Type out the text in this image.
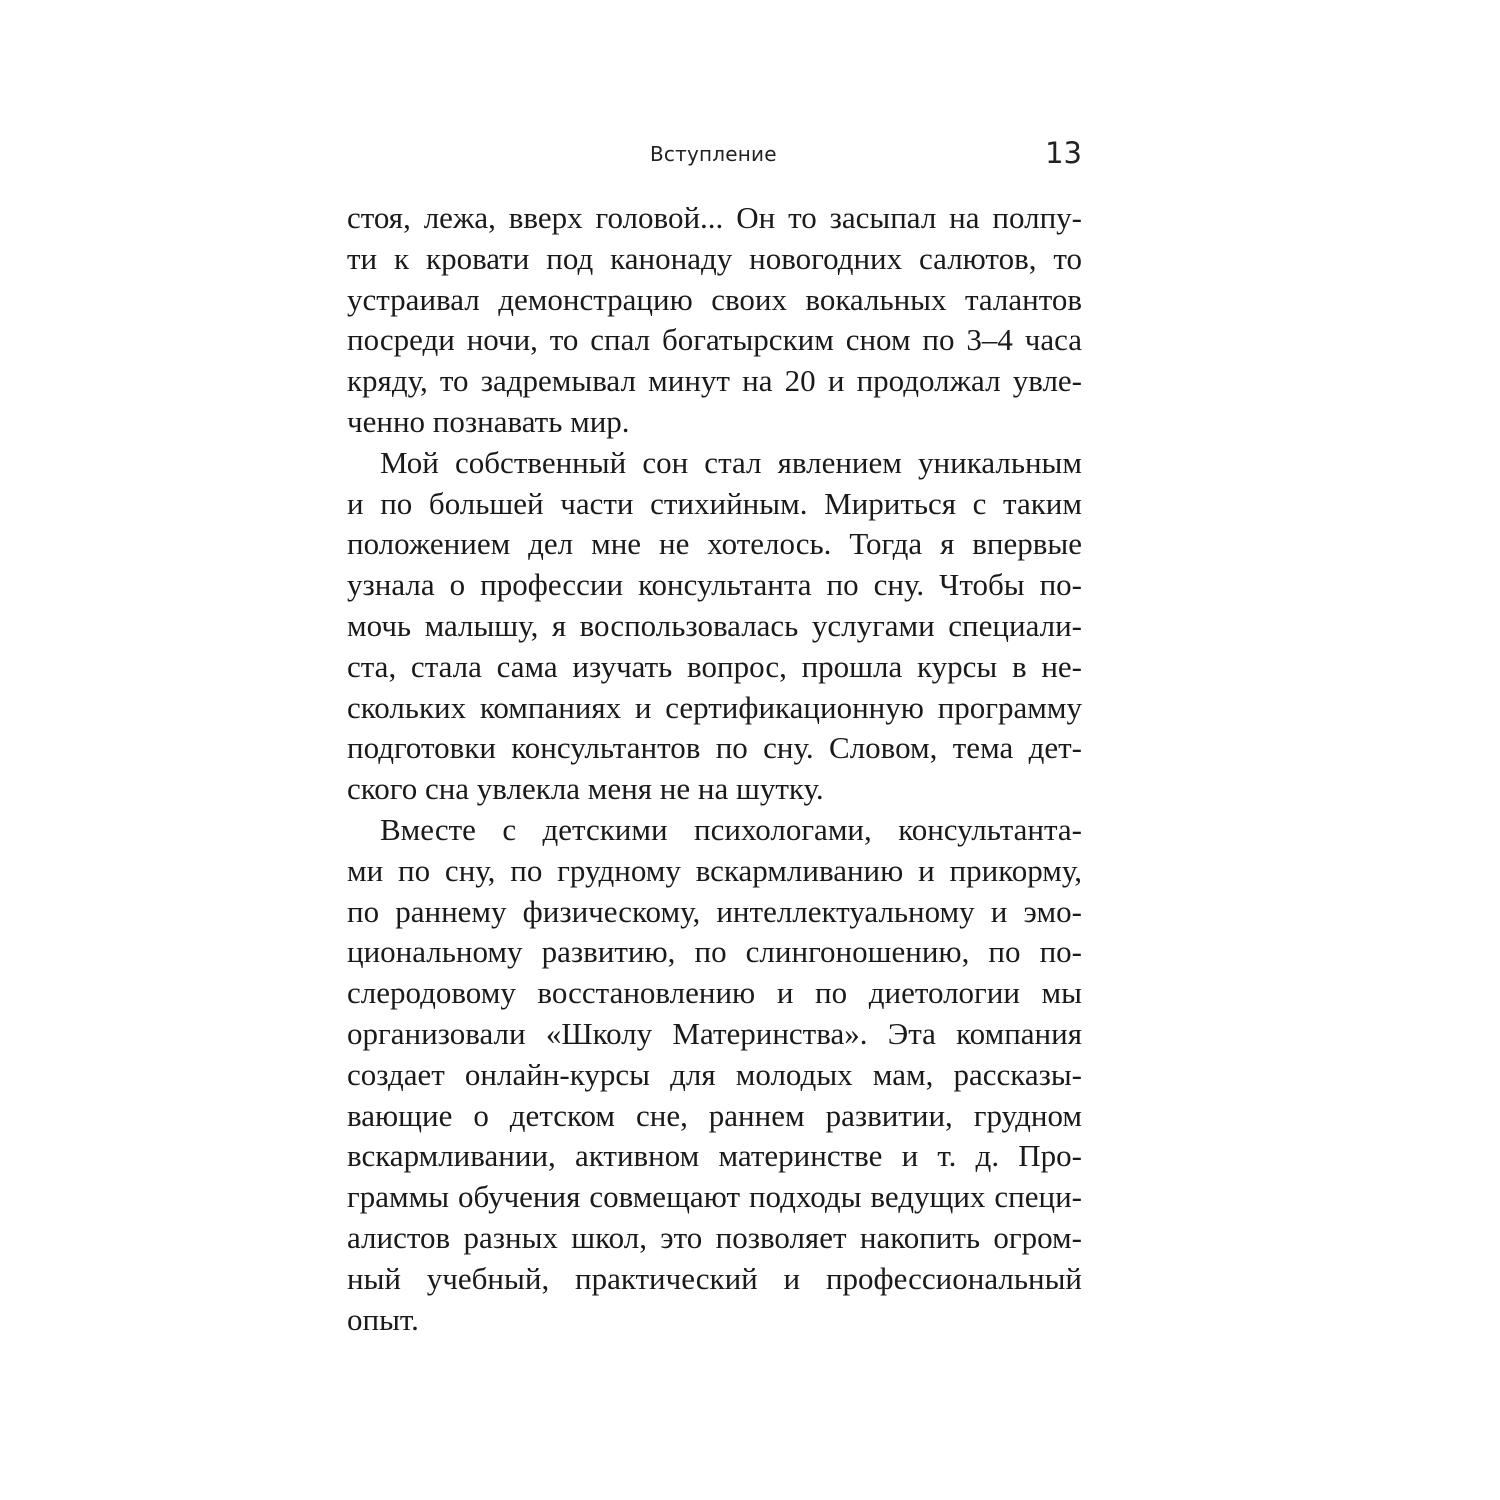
Вступление	13
стоя, лежа, вверх головой... Он то засыпал на полпу-
ти к кровати под канонаду новогодних салютов, то
устраивал демонстрацию своих вокальных талантов
посреди ночи, то спал богатырским сном по 3–4 часа
кряду, то задремывал минут на 20 и продолжал увле-
ченно познавать мир.
Мой собственный сон стал явлением уникальным
и по большей части стихийным. Мириться с таким
положением дел мне не хотелось. Тогда я впервые
узнала о профессии консультанта по сну. Чтобы по-
мочь малышу, я воспользовалась услугами специали-
ста, стала сама изучать вопрос, прошла курсы в не-
скольких компаниях и сертификационную программу
подготовки консультантов по сну. Словом, тема дет-
ского сна увлекла меня не на шутку.
Вместе с детскими психологами, консультанта-
ми по сну, по грудному вскармливанию и прикорму,
по раннему физическому, интеллектуальному и эмо-
циональному развитию, по слингоношению, по по-
слеродовому восстановлению и по диетологии мы
организовали «Школу Материнства». Эта компания
создает онлайн-курсы для молодых мам, рассказы-
вающие о детском сне, раннем развитии, грудном
вскармливании, активном материнстве и т. д. Про-
граммы обучения совмещают подходы ведущих специ-
алистов разных школ, это позволяет накопить огром-
ный учебный, практический и профессиональный
опыт.
